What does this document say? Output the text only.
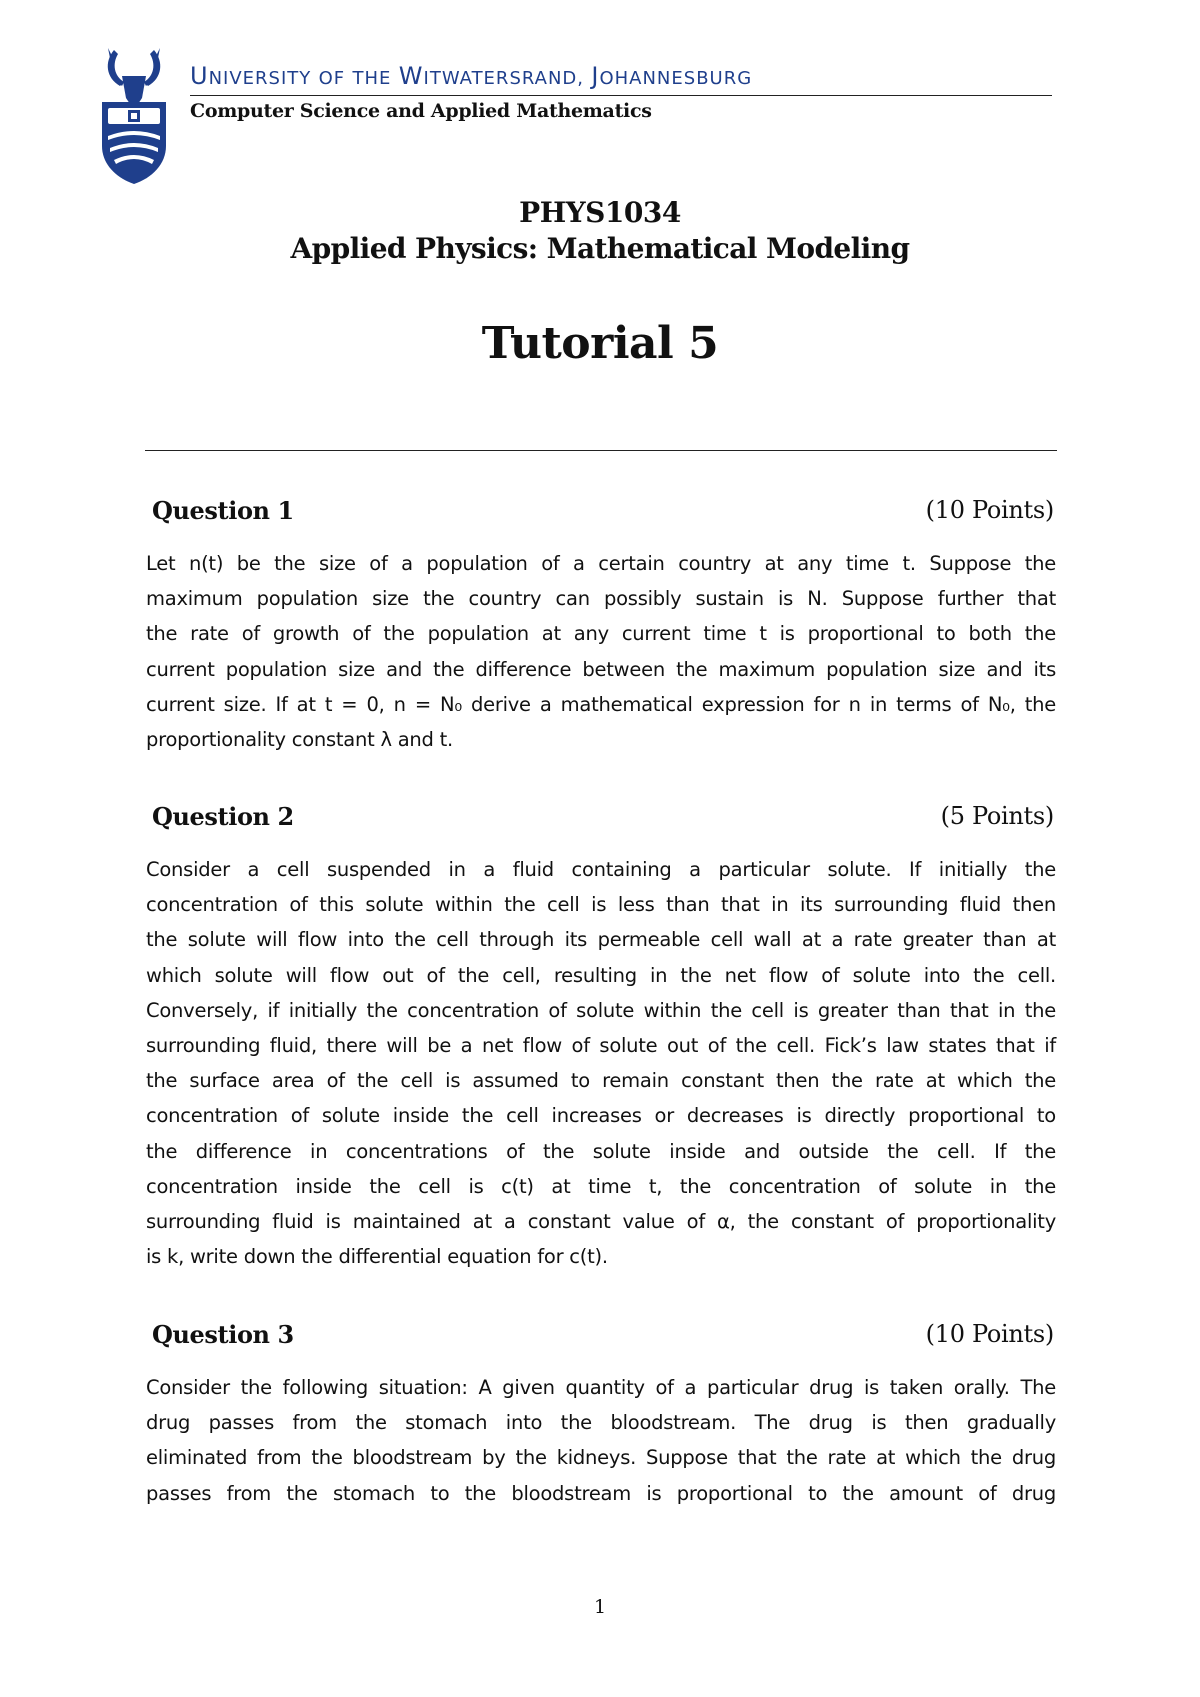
UNIVERSITY OF THE WITWATERSRAND, JOHANNESBURG
Computer Science and Applied Mathematics
PHYS1034
Applied Physics: Mathematical Modeling
Tutorial 5
Question 1	(10 Points)
Let n(t) be the size of a population of a certain country at any time t. Suppose the
maximum population size the country can possibly sustain is N. Suppose further that
the rate of growth of the population at any current time t is proportional to both the
current population size and the difference between the maximum population size and its
current size. If at t = 0, n = N₀ derive a mathematical expression for n in terms of N₀, the
proportionality constant λ and t.
Question 2	(5 Points)
Consider a cell suspended in a fluid containing a particular solute. If initially the
concentration of this solute within the cell is less than that in its surrounding fluid then
the solute will flow into the cell through its permeable cell wall at a rate greater than at
which solute will flow out of the cell, resulting in the net flow of solute into the cell.
Conversely, if initially the concentration of solute within the cell is greater than that in the
surrounding fluid, there will be a net flow of solute out of the cell. Fick’s law states that if
the surface area of the cell is assumed to remain constant then the rate at which the
concentration of solute inside the cell increases or decreases is directly proportional to
the difference in concentrations of the solute inside and outside the cell. If the
concentration inside the cell is c(t) at time t, the concentration of solute in the
surrounding fluid is maintained at a constant value of α, the constant of proportionality
is k, write down the differential equation for c(t).
Question 3	(10 Points)
Consider the following situation: A given quantity of a particular drug is taken orally. The
drug passes from the stomach into the bloodstream. The drug is then gradually
eliminated from the bloodstream by the kidneys. Suppose that the rate at which the drug
passes from the stomach to the bloodstream is proportional to the amount of drug
1
